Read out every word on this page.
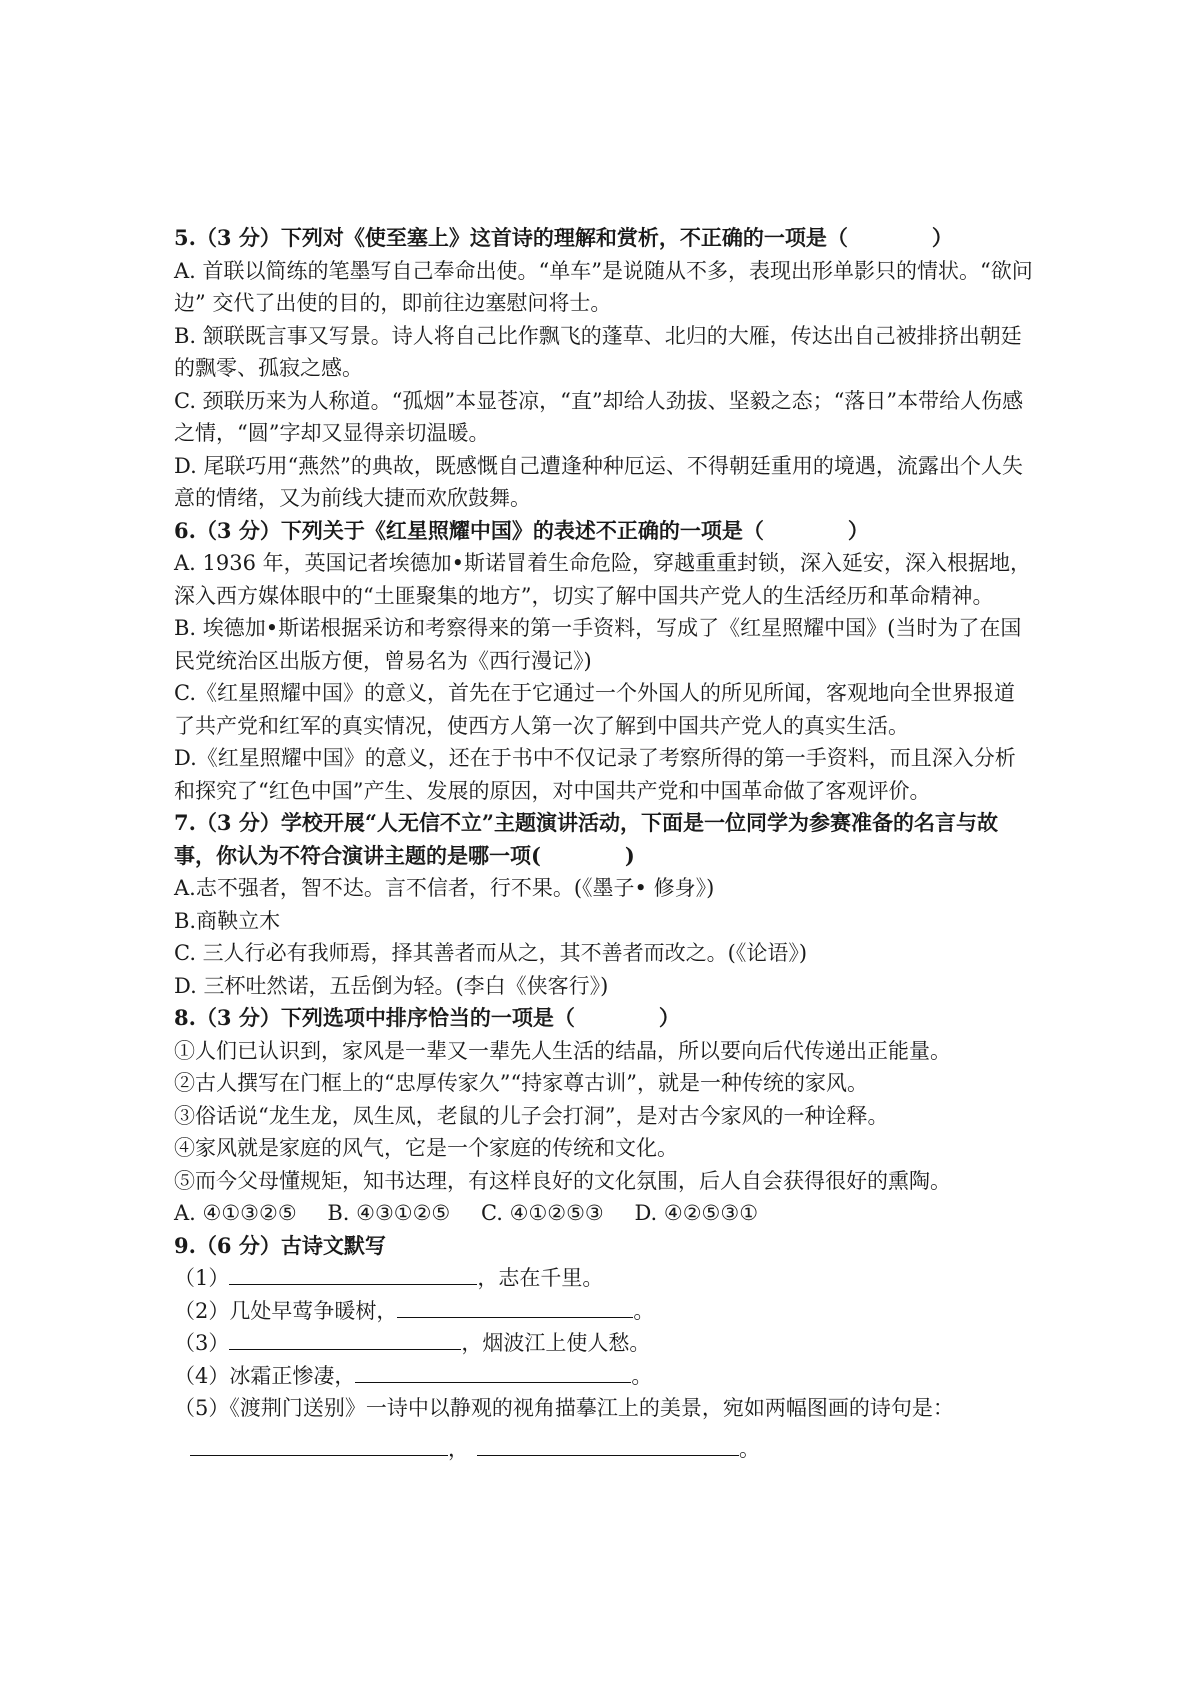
5.（3 分）下列对《使至塞上》这首诗的理解和赏析，不正确的一项是（　　　　）
A. 首联以简练的笔墨写自己奉命出使。“单车”是说随从不多，表现出形单影只的情状。“欲问边” 交代了出使的目的，即前往边塞慰问将士。
B. 颔联既言事又写景。诗人将自己比作飘飞的蓬草、北归的大雁，传达出自己被排挤出朝廷的飘零、孤寂之感。
C. 颈联历来为人称道。“孤烟”本显苍凉，“直”却给人劲拔、坚毅之态；“落日”本带给人伤感之情，“圆”字却又显得亲切温暖。
D. 尾联巧用“燕然”的典故，既感慨自己遭逢种种厄运、不得朝廷重用的境遇，流露出个人失意的情绪，又为前线大捷而欢欣鼓舞。
6.（3 分）下列关于《红星照耀中国》的表述不正确的一项是（　　　　）
A. 1936 年，英国记者埃德加•斯诺冒着生命危险，穿越重重封锁，深入延安，深入根据地，深入西方媒体眼中的“土匪聚集的地方”，切实了解中国共产党人的生活经历和革命精神。
B. 埃德加•斯诺根据采访和考察得来的第一手资料，写成了《红星照耀中国》(当时为了在国民党统治区出版方便，曾易名为《西行漫记》)
C.《红星照耀中国》的意义，首先在于它通过一个外国人的所见所闻，客观地向全世界报道了共产党和红军的真实情况，使西方人第一次了解到中国共产党人的真实生活。
D.《红星照耀中国》的意义，还在于书中不仅记录了考察所得的第一手资料，而且深入分析和探究了“红色中国”产生、发展的原因，对中国共产党和中国革命做了客观评价。
7.（3 分）学校开展“人无信不立”主题演讲活动，下面是一位同学为参赛准备的名言与故事，你认为不符合演讲主题的是哪一项(　　　　)
A.志不强者，智不达。言不信者，行不果。(《墨子• 修身》)
B.商鞅立木
C. 三人行必有我师焉，择其善者而从之，其不善者而改之。(《论语》)
D. 三杯吐然诺，五岳倒为轻。(李白《侠客行》)
8.（3 分）下列选项中排序恰当的一项是（　　　　）
①人们已认识到，家风是一辈又一辈先人生活的结晶，所以要向后代传递出正能量。
②古人撰写在门框上的“忠厚传家久”“持家尊古训”，就是一种传统的家风。
③俗话说“龙生龙，凤生凤，老鼠的儿子会打洞”，是对古今家风的一种诠释。
④家风就是家庭的风气，它是一个家庭的传统和文化。
⑤而今父母懂规矩，知书达理，有这样良好的文化氛围，后人自会获得很好的熏陶。
A. ④①③②⑤ B. ④③①②⑤ C. ④①②⑤③ D. ④②⑤③①
9.（6 分）古诗文默写
（1）	，志在千里。
（2）几处早莺争暖树，	。
（3）	，烟波江上使人愁。
（4）冰霜正惨凄，	。
（5）《渡荆门送别》一诗中以静观的视角描摹江上的美景，宛如两幅图画的诗句是：
，	。
